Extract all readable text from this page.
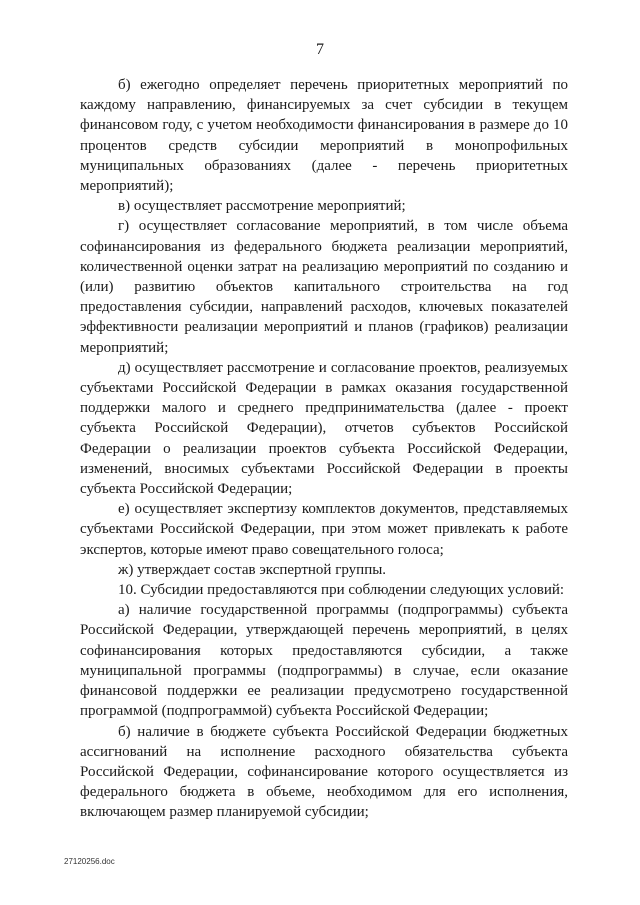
7

б) ежегодно определяет перечень приоритетных мероприятий по каждому направлению, финансируемых за счет субсидии в текущем финансовом году, с учетом необходимости финансирования в размере до 10 процентов средств субсидии мероприятий в монопрофильных муниципальных образованиях (далее - перечень приоритетных мероприятий);

в) осуществляет рассмотрение мероприятий;

г) осуществляет согласование мероприятий, в том числе объема софинансирования из федерального бюджета реализации мероприятий, количественной оценки затрат на реализацию мероприятий по созданию и (или) развитию объектов капитального строительства на год предоставления субсидии, направлений расходов, ключевых показателей эффективности реализации мероприятий и планов (графиков) реализации мероприятий;

д) осуществляет рассмотрение и согласование проектов, реализуемых субъектами Российской Федерации в рамках оказания государственной поддержки малого и среднего предпринимательства (далее - проект субъекта Российской Федерации), отчетов субъектов Российской Федерации о реализации проектов субъекта Российской Федерации, изменений, вносимых субъектами Российской Федерации в проекты субъекта Российской Федерации;

е) осуществляет экспертизу комплектов документов, представляемых субъектами Российской Федерации, при этом может привлекать к работе экспертов, которые имеют право совещательного голоса;

ж) утверждает состав экспертной группы.

10. Субсидии предоставляются при соблюдении следующих условий:

а) наличие государственной программы (подпрограммы) субъекта Российской Федерации, утверждающей перечень мероприятий, в целях софинансирования которых предоставляются субсидии, а также муниципальной программы (подпрограммы) в случае, если оказание финансовой поддержки ее реализации предусмотрено государственной программой (подпрограммой) субъекта Российской Федерации;

б) наличие в бюджете субъекта Российской Федерации бюджетных ассигнований на исполнение расходного обязательства субъекта Российской Федерации, софинансирование которого осуществляется из федерального бюджета в объеме, необходимом для его исполнения, включающем размер планируемой субсидии;

27120256.doc
